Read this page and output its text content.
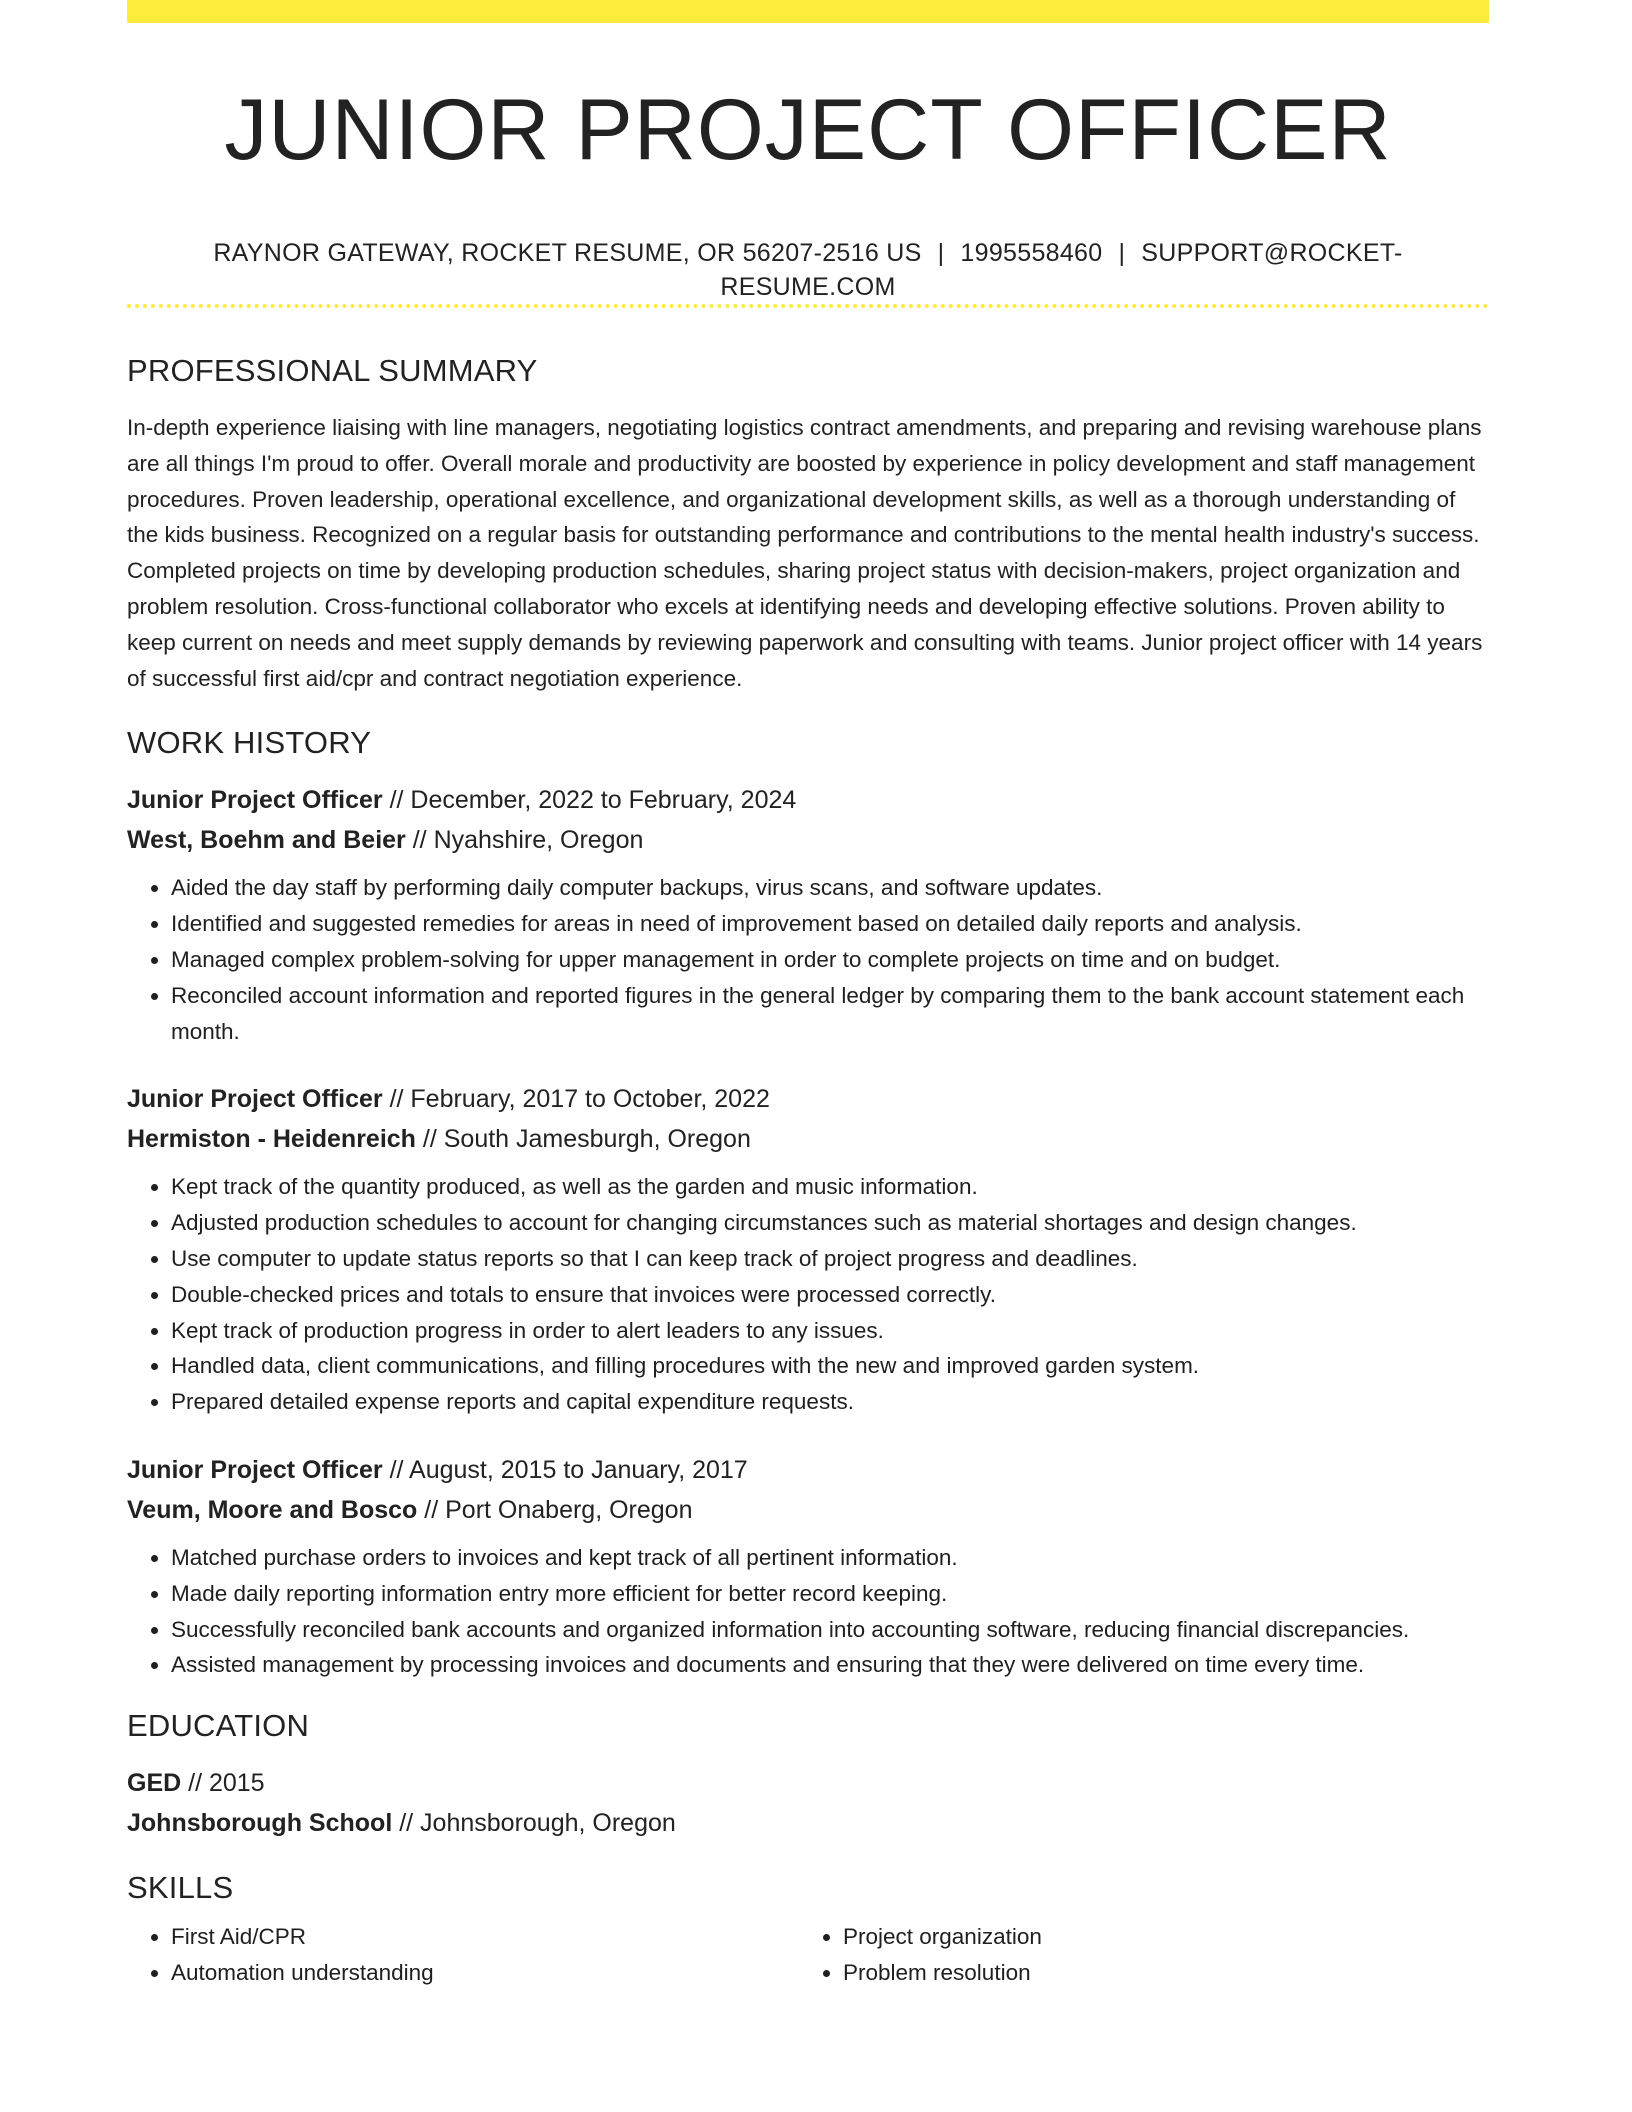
JUNIOR PROJECT OFFICER
RAYNOR GATEWAY, ROCKET RESUME, OR 56207-2516 US | 1995558460 | SUPPORT@ROCKET-RESUME.COM
PROFESSIONAL SUMMARY

In-depth experience liaising with line managers, negotiating logistics contract amendments, and preparing and revising warehouse plans are all things I'm proud to offer. Overall morale and productivity are boosted by experience in policy development and staff management procedures. Proven leadership, operational excellence, and organizational development skills, as well as a thorough understanding of the kids business. Recognized on a regular basis for outstanding performance and contributions to the mental health industry's success. Completed projects on time by developing production schedules, sharing project status with decision-makers, project organization and problem resolution. Cross-functional collaborator who excels at identifying needs and developing effective solutions. Proven ability to keep current on needs and meet supply demands by reviewing paperwork and consulting with teams. Junior project officer with 14 years of successful first aid/cpr and contract negotiation experience.

WORK HISTORY
Junior Project Officer // December, 2022 to February, 2024
West, Boehm and Beier // Nyahshire, Oregon
• Aided the day staff by performing daily computer backups, virus scans, and software updates.
• Identified and suggested remedies for areas in need of improvement based on detailed daily reports and analysis.
• Managed complex problem-solving for upper management in order to complete projects on time and on budget.
• Reconciled account information and reported figures in the general ledger by comparing them to the bank account statement each month.
Junior Project Officer // February, 2017 to October, 2022
Hermiston - Heidenreich // South Jamesburgh, Oregon
• Kept track of the quantity produced, as well as the garden and music information.
• Adjusted production schedules to account for changing circumstances such as material shortages and design changes.
• Use computer to update status reports so that I can keep track of project progress and deadlines.
• Double-checked prices and totals to ensure that invoices were processed correctly.
• Kept track of production progress in order to alert leaders to any issues.
• Handled data, client communications, and filling procedures with the new and improved garden system.
• Prepared detailed expense reports and capital expenditure requests.
Junior Project Officer // August, 2015 to January, 2017
Veum, Moore and Bosco // Port Onaberg, Oregon
• Matched purchase orders to invoices and kept track of all pertinent information.
• Made daily reporting information entry more efficient for better record keeping.
• Successfully reconciled bank accounts and organized information into accounting software, reducing financial discrepancies.
• Assisted management by processing invoices and documents and ensuring that they were delivered on time every time.
EDUCATION
GED // 2015
Johnsborough School // Johnsborough, Oregon
SKILLS
• First Aid/CPR
• Automation understanding
• Project organization
• Problem resolution
